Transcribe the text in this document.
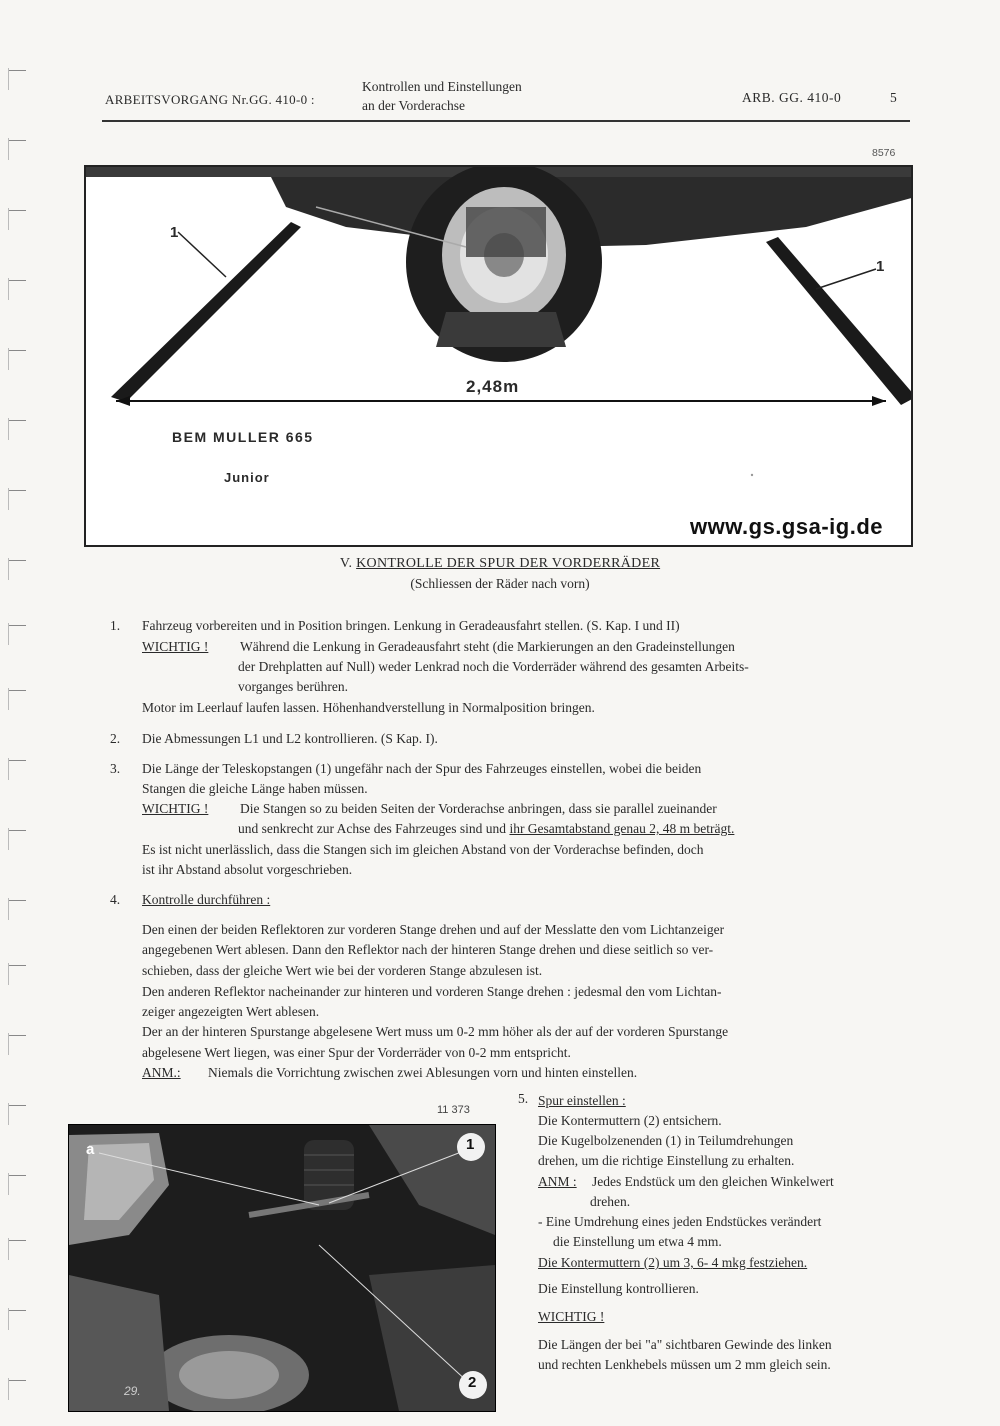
ARBEITSVORGANG Nr.GG. 410-0 :
Kontrollen und Einstellungen
an der Vorderachse
ARB. GG. 410-0	5
8576
1
1
2,48m
BEM MULLER 665
Junior
www.gs.gsa-ig.de
V. KONTROLLE DER SPUR DER VORDERRÄDER
(Schliessen der Räder nach vorn)
1. Fahrzeug vorbereiten und in Position bringen. Lenkung in Geradeausfahrt stellen. (S. Kap. I und II)
WICHTIG ! Während die Lenkung in Geradeausfahrt steht (die Markierungen an den Gradeinstellungen
der Drehplatten auf Null) weder Lenkrad noch die Vorderräder während des gesamten Arbeits-
vorganges berühren.
Motor im Leerlauf laufen lassen. Höhenhandverstellung in Normalposition bringen.
2. Die Abmessungen L1 und L2 kontrollieren. (S Kap. I).
3. Die Länge der Teleskopstangen (1) ungefähr nach der Spur des Fahrzeuges einstellen, wobei die beiden
Stangen die gleiche Länge haben müssen.
WICHTIG ! Die Stangen so zu beiden Seiten der Vorderachse anbringen, dass sie parallel zueinander
und senkrecht zur Achse des Fahrzeuges sind und ihr Gesamtabstand genau 2, 48 m beträgt.
Es ist nicht unerlässlich, dass die Stangen sich im gleichen Abstand von der Vorderachse befinden, doch
ist ihr Abstand absolut vorgeschrieben.
4. Kontrolle durchführen :
Den einen der beiden Reflektoren zur vorderen Stange drehen und auf der Messlatte den vom Lichtanzeiger
angegebenen Wert ablesen. Dann den Reflektor nach der hinteren Stange drehen und diese seitlich so ver-
schieben, dass der gleiche Wert wie bei der vorderen Stange abzulesen ist.
Den anderen Reflektor nacheinander zur hinteren und vorderen Stange drehen : jedesmal den vom Lichtan-
zeiger angezeigten Wert ablesen.
Der an der hinteren Spurstange abgelesene Wert muss um 0-2 mm höher als der auf der vorderen Spurstange
abgelesene Wert liegen, was einer Spur der Vorderräder von 0-2 mm entspricht.
ANM.: Niemals die Vorrichtung zwischen zwei Ablesungen vorn und hinten einstellen.
11 373
a	1
2
29.
5. Spur einstellen :
Die Kontermuttern (2) entsichern.
Die Kugelbolzenenden (1) in Teilumdrehungen
drehen, um die richtige Einstellung zu erhalten.
ANM : Jedes Endstück um den gleichen Winkelwert
drehen.
- Eine Umdrehung eines jeden Endstückes verändert
die Einstellung um etwa 4 mm.
Die Kontermuttern (2) um 3, 6- 4 mkg festziehen.
Die Einstellung kontrollieren.
WICHTIG !
Die Längen der bei "a" sichtbaren Gewinde des linken
und rechten Lenkhebels müssen um 2 mm gleich sein.
